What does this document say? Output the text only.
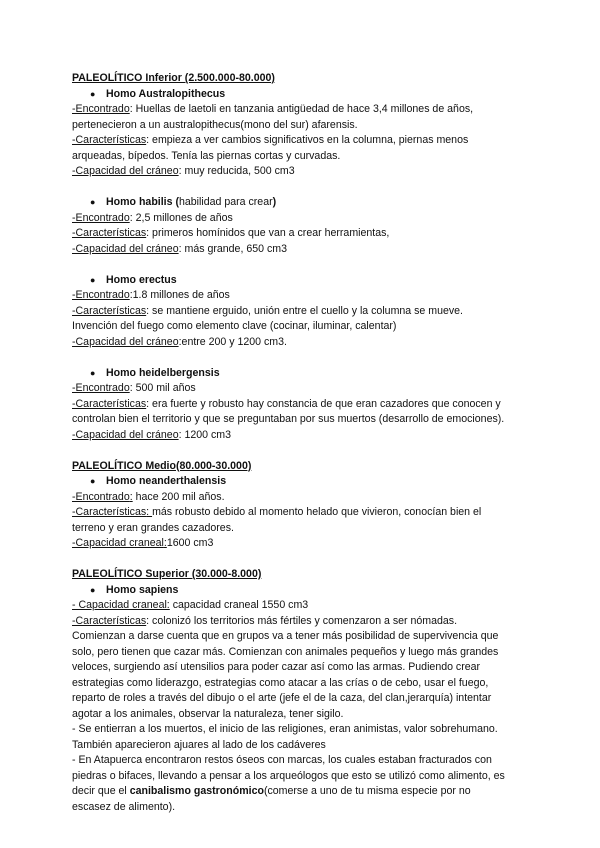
PALEOLÍTICO Inferior (2.500.000-80.000)
● Homo Australopithecus
-Encontrado: Huellas de laetoli en tanzania antigüedad de hace 3,4 millones de años,
pertenecieron a un australopithecus(mono del sur) afarensis.
-Características: empieza a ver cambios significativos en la columna, piernas menos
arqueadas, bípedos. Tenía las piernas cortas y curvadas.
-Capacidad del cráneo: muy reducida, 500 cm3
● Homo habilis ( habilidad para crear )
-Encontrado: 2,5 millones de años
-Características: primeros homínidos que van a crear herramientas,
-Capacidad del cráneo: más grande, 650 cm3
● Homo erectus
-Encontrado:1.8 millones de años
-Características: se mantiene erguido, unión entre el cuello y la columna se mueve.
Invención del fuego como elemento clave (cocinar, iluminar, calentar)
-Capacidad del cráneo:entre 200 y 1200 cm3.
● Homo heidelbergensis
-Encontrado: 500 mil años
-Características: era fuerte y robusto hay constancia de que eran cazadores que conocen y
controlan bien el territorio y que se preguntaban por sus muertos (desarrollo de emociones).
-Capacidad del cráneo: 1200 cm3
PALEOLÍTICO Medio(80.000-30.000)
● Homo neanderthalensis
-Encontrado: hace 200 mil años.
-Características: más robusto debido al momento helado que vivieron, conocían bien el
terreno y eran grandes cazadores.
-Capacidad craneal:1600 cm3
PALEOLÍTICO Superior (30.000-8.000)
● Homo sapiens
- Capacidad craneal: capacidad craneal 1550 cm3
-Características: colonizó los territorios más fértiles y comenzaron a ser nómadas.
Comienzan a darse cuenta que en grupos va a tener más posibilidad de supervivencia que
solo, pero tienen que cazar más. Comienzan con animales pequeños y luego más grandes
veloces, surgiendo así utensilios para poder cazar así como las armas. Pudiendo crear
estrategias como liderazgo, estrategias como atacar a las crías o de cebo, usar el fuego,
reparto de roles a través del dibujo o el arte (jefe el de la caza, del clan,jerarquía) intentar
agotar a los animales, observar la naturaleza, tener sigilo.
- Se entierran a los muertos, el inicio de las religiones, eran animistas, valor sobrehumano.
También aparecieron ajuares al lado de los cadáveres
- En Atapuerca encontraron restos óseos con marcas, los cuales estaban fracturados con
piedras o bifaces, llevando a pensar a los arqueólogos que esto se utilizó como alimento, es
decir que el canibalismo gastronómico(comerse a uno de tu misma especie por no
escasez de alimento).
